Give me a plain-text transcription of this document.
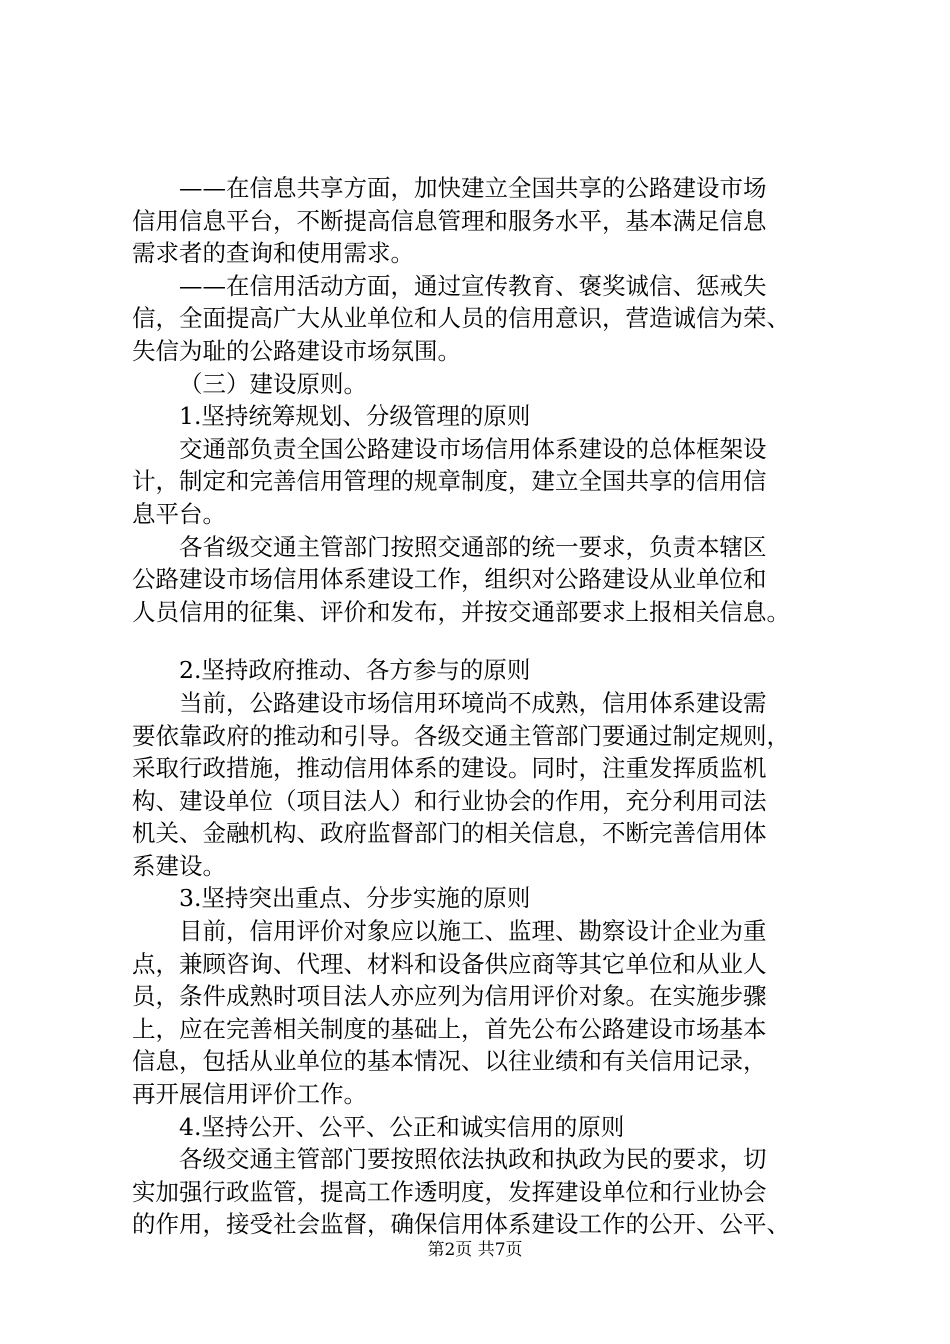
——在信息共享方面，加快建立全国共享的公路建设市场
信用信息平台，不断提高信息管理和服务水平，基本满足信息
需求者的查询和使用需求。
——在信用活动方面，通过宣传教育、褒奖诚信、惩戒失
信，全面提高广大从业单位和人员的信用意识，营造诚信为荣、
失信为耻的公路建设市场氛围。
（三）建设原则。
1.坚持统筹规划、分级管理的原则
交通部负责全国公路建设市场信用体系建设的总体框架设
计，制定和完善信用管理的规章制度，建立全国共享的信用信
息平台。
各省级交通主管部门按照交通部的统一要求，负责本辖区
公路建设市场信用体系建设工作，组织对公路建设从业单位和
人员信用的征集、评价和发布，并按交通部要求上报相关信息。
2.坚持政府推动、各方参与的原则
当前，公路建设市场信用环境尚不成熟，信用体系建设需
要依靠政府的推动和引导。各级交通主管部门要通过制定规则，
采取行政措施，推动信用体系的建设。同时，注重发挥质监机
构、建设单位（项目法人）和行业协会的作用，充分利用司法
机关、金融机构、政府监督部门的相关信息，不断完善信用体
系建设。
3.坚持突出重点、分步实施的原则
目前，信用评价对象应以施工、监理、勘察设计企业为重
点，兼顾咨询、代理、材料和设备供应商等其它单位和从业人
员，条件成熟时项目法人亦应列为信用评价对象。在实施步骤
上，应在完善相关制度的基础上，首先公布公路建设市场基本
信息，包括从业单位的基本情况、以往业绩和有关信用记录，
再开展信用评价工作。
4.坚持公开、公平、公正和诚实信用的原则
各级交通主管部门要按照依法执政和执政为民的要求，切
实加强行政监管，提高工作透明度，发挥建设单位和行业协会
的作用，接受社会监督，确保信用体系建设工作的公开、公平、
第2页 共7页
